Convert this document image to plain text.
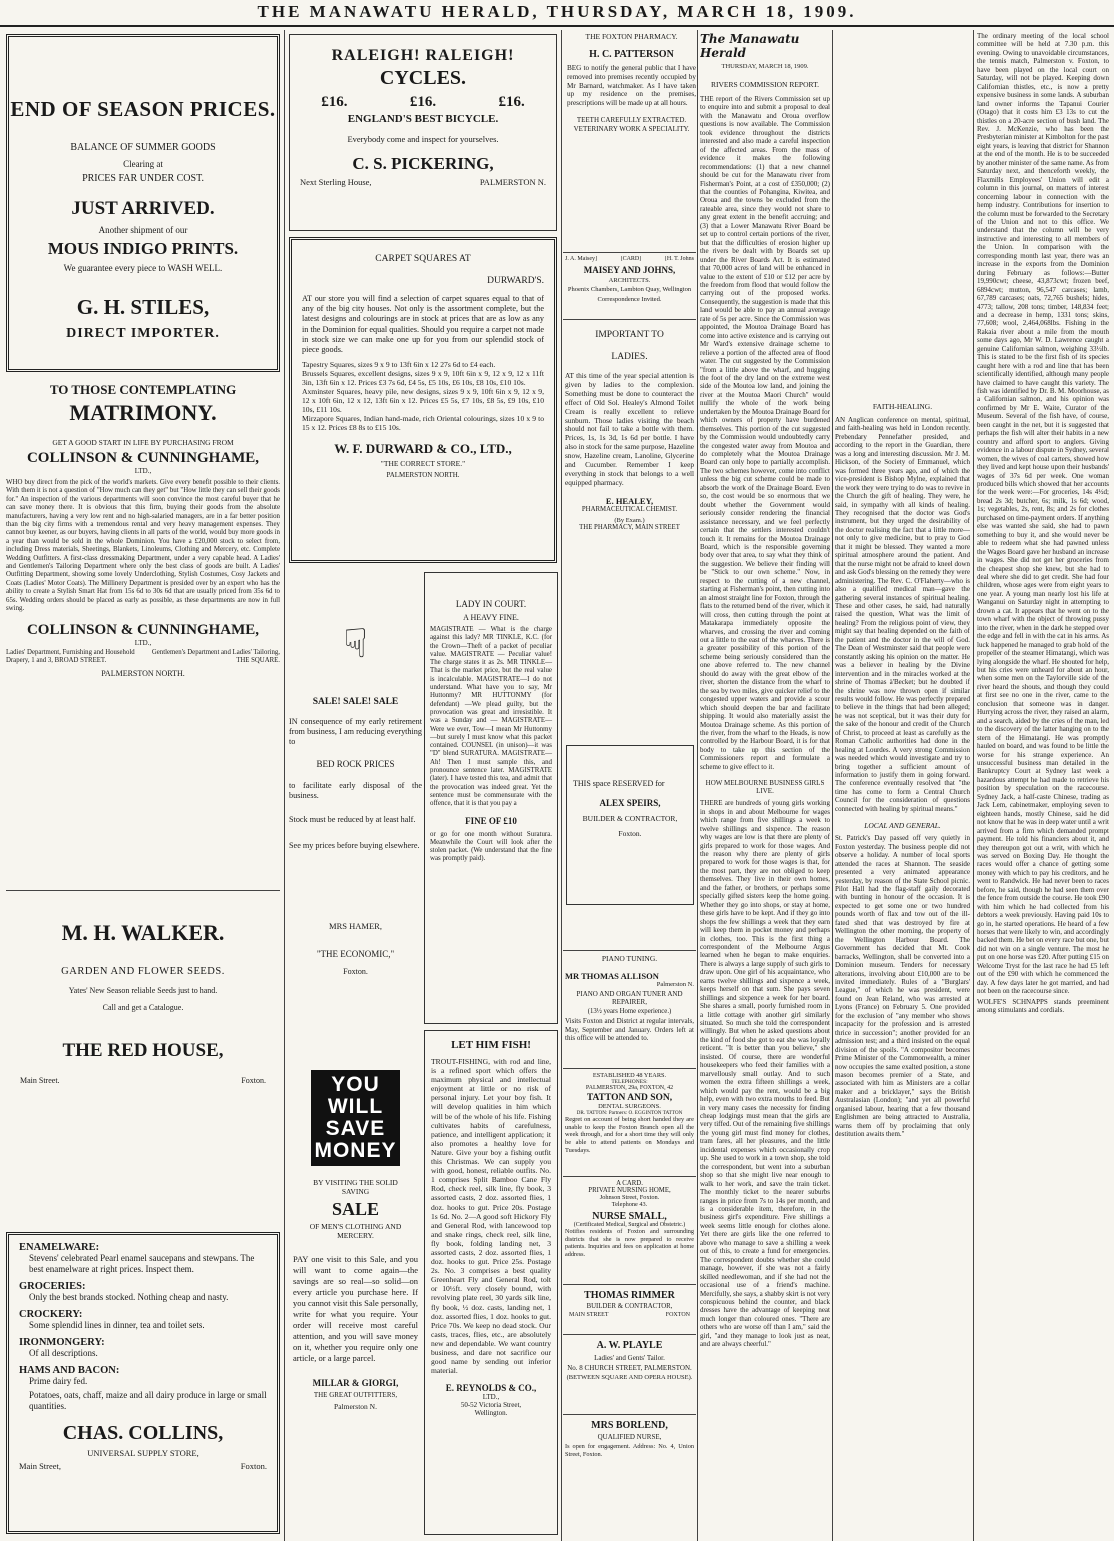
THE MANAWATU HERALD, THURSDAY, MARCH 18, 1909.
END OF SEASON PRICES.
BALANCE OF SUMMER GOODS
Clearing at
PRICES FAR UNDER COST.
JUST ARRIVED.
Another shipment of our
MOUS INDIGO PRINTS.
We guarantee every piece to WASH WELL.
G. H. STILES,
DIRECT IMPORTER.
TO THOSE CONTEMPLATING
MATRIMONY.
GET A GOOD START IN LIFE BY PURCHASING FROM
COLLINSON & CUNNINGHAME,
LTD.,

WHO buy direct from the pick of the world's markets. Give every benefit possible to their clients. With them it is not a question of "How much can they get" but "How little they can sell their goods for." An inspection of the various departments will soon convince the most careful buyer that he can save money there. It is obvious that this firm, buying their goods from the absolute manufacturers, having a very low rent and no high-salaried managers, are in a far better position than the big city firms with a tremendous rental and very heavy management expenses. They cannot buy keener, as our buyers, having clients in all parts of the world, would buy more goods in a year than would be sold in the whole Dominion. You have a £20,000 stock to select from, including Dress materials, Sheetings, Blankets, Linoleums, Clothing and Mercery, etc. Complete Wedding Outfitters. A first-class dressmaking Department, under a very capable head. A Ladies' and Gentlemen's Tailoring Department where only the best class of goods are built. A Ladies' Outfitting Department, showing some lovely Underclothing, Stylish Costumes, Cosy Jackets and Coats (Ladies' Motor Coats). The Millinery Department is presided over by an expert who has the ability to create a Stylish Smart Hat from 15s 6d to 30s 6d that are usually priced from 35s 6d to 65s. Wedding orders should be placed as early as possible, as these departments are now in full swing.

COLLINSON & CUNNINGHAME,
LTD.,
Ladies' Department, Furnishing and Household Drapery, 1 and 3, BROAD STREET.
Gentlemen's Department and Ladies' Tailoring, THE SQUARE.
PALMERSTON NORTH.
M. H. WALKER.
GARDEN AND FLOWER SEEDS.
Yates' New Season reliable Seeds just to hand.
Call and get a Catalogue.
THE RED HOUSE,
Main Street.	Foxton.
ENAMELWARE:

Stevens' celebrated Pearl enamel saucepans and stewpans. The best enamelware at right prices. Inspect them.

GROCERIES:

Only the best brands stocked. Nothing cheap and nasty.

CROCKERY:

Some splendid lines in dinner, tea and toilet sets.

IRONMONGERY:

Of all descriptions.

HAMS AND BACON:

Prime dairy fed.

Potatoes, oats, chaff, maize and all dairy produce in large or small quantities.

CHAS. COLLINS,
UNIVERSAL SUPPLY STORE,
Main Street,	Foxton.
RALEIGH! RALEIGH!
CYCLES.
£16.	£16.	£16.
ENGLAND'S BEST BICYCLE.
Everybody come and inspect for yourselves.
C. S. PICKERING,
Next Sterling House,	PALMERSTON N.
CARPET SQUARES AT
DURWARD'S.

AT our store you will find a selection of carpet squares equal to that of any of the big city houses. Not only is the assortment complete, but the latest designs and colourings are in stock at prices that are as low as any in the Dominion for equal qualities. Should you require a carpet not made in stock size we can make one up for you from our splendid stock of piece goods.

Tapestry Squares, sizes 9 x 9 to 13ft 6in x 12 27s 6d to £4 each.

Brussels Squares, excellent designs, sizes 9 x 9, 10ft 6in x 9, 12 x 9, 12 x 11ft 3in, 13ft 6in x 12. Prices £3 7s 6d, £4 5s, £5 10s, £6 10s, £8 10s, £10 10s.

Axminster Squares, heavy pile, new designs, sizes 9 x 9, 10ft 6in x 9, 12 x 9, 12 x 10ft 6in, 12 x 12, 13ft 6in x 12. Prices £5 5s, £7 10s, £8 5s, £9 10s, £10 10s, £11 10s.

Mirzapore Squares, Indian hand-made, rich Oriental colourings, sizes 10 x 9 to 15 x 12. Prices £8 8s to £15 10s.

W. F. DURWARD & CO., LTD.,
"THE CORRECT STORE."
PALMERSTON NORTH.
☟
SALE! SALE! SALE

IN consequence of my early retirement from business, I am reducing everything to

BED ROCK PRICES

to facilitate early disposal of the business.

Stock must be reduced by at least half.

See my prices before buying elsewhere.

MRS HAMER,
"THE ECONOMIC,"
Foxton.
YOU WILL SAVE MONEY
BY VISITING THE SOLID SAVING
SALE
OF MEN'S CLOTHING AND MERCERY.

PAY one visit to this Sale, and you will want to come again—the savings are so real—so solid—on every article you purchase here. If you cannot visit this Sale personally, write for what you require. Your order will receive most careful attention, and you will save money on it, whether you require only one article, or a large parcel.

MILLAR & GIORGI,
THE GREAT OUTFITTERS,
Palmerston N.
LADY IN COURT.
A HEAVY FINE.

MAGISTRATE — What is the charge against this lady? MR TINKLE, K.C. (for the Crown—Theft of a packet of peculiar value. MAGISTRATE — Peculiar value! The charge states it as 2s. MR TINKLE—That is the market price, but the real value is incalculable. MAGISTRATE—I do not understand. What have you to say, Mr Huttonmy? MR HUTTONMY (for defendant) —We plead guilty, but the provocation was great and irresistible. It was a Sunday and — MAGISTRATE—Were we ever, Tow—I mean Mr Huttonmy—but surely I must know what this packet contained. COUNSEL (in unison)—it was "D" blend SURATURA. MAGISTRATE—Ah! Then I must sample this, and pronounce sentence later. MAGISTRATE (later). I have tested this tea, and admit that the provocation was indeed great. Yet the sentence must be commensurate with the offence, that it is that you pay a

FINE OF £10

or go for one month without Suratura. Meanwhile the Court will look after the stolen packet. (We understand that the fine was promptly paid).

LET HIM FISH!

TROUT-FISHING, with rod and line, is a refined sport which offers the maximum physical and intellectual enjoyment at little or no risk of personal injury. Let your boy fish. It will develop qualities in him which will be of the whole of his life. Fishing cultivates habits of carefulness, patience, and intelligent application; it also promotes a healthy love for Nature. Give your boy a fishing outfit this Christmas. We can supply you with good, honest, reliable outfits. No. 1 comprises Split Bamboo Cane Fly Rod, check reel, silk line, fly book, 3 assorted casts, 2 doz. assorted flies, 1 doz. hooks to gut. Price 20s. Postage 1s 6d. No. 2—A good soft Hickory Fly and General Rod, with lancewood top and snake rings, check reel, silk line, fly book, folding landing net, 3 assorted casts, 2 doz. assorted flies, 1 doz. hooks to gut. Price 25s. Postage 2s. No. 3 comprises a best quality Greenheart Fly and General Rod, tolt or 10½ft. very closely bound, with revolving plate reel, 30 yards silk line, fly book, ½ doz. casts, landing net, 1 doz. assorted flies, 1 doz. hooks to gut. Price 70s. We keep no dead stock. Our casts, traces, flies, etc., are absolutely new and dependable. We want country business, and dare not sacrifice our good name by sending out inferior material.

E. REYNOLDS & CO.,
LTD.,
50-52 Victoria Street,
Wellington.
THE FOXTON PHARMACY.
H. C. PATTERSON

BEG to notify the general public that I have removed into premises recently occupied by Mr Barnard, watchmaker. As I have taken up my residence on the premises, prescriptions will be made up at all hours.

TEETH CAREFULLY EXTRACTED. VETERINARY WORK A SPECIALITY.

J. A. Maisey]	[CARD]	[H. T. Johns
MAISEY AND JOHNS,
ARCHITECTS.
Phoenix Chambers, Lambton Quay, Wellington
Correspondence Invited.
IMPORTANT TO
LADIES.

AT this time of the year special attention is given by ladies to the complexion. Something must be done to counteract the effect of Old Sol. Healey's Almond Toilet Cream is really excellent to relieve sunburn. Those ladies visiting the beach should not fail to take a bottle with them. Prices, 1s, 1s 3d, 1s 6d per bottle. I have also in stock for the same purpose, Hazeline snow, Hazeline cream, Lanoline, Glycerine and Cucumber. Remember I keep everything in stock that belongs to a well equipped pharmacy.

E. HEALEY,
PHARMACEUTICAL CHEMIST.
(By Exam.)
THE PHARMACY, MAIN STREET
THIS space RESERVED for
ALEX SPEIRS,
BUILDER & CONTRACTOR,
Foxton.
PIANO TUNING.
MR THOMAS ALLISON
Palmerston N.
PIANO AND ORGAN TUNER AND REPAIRER,
(13½ years Home experience.)

Visits Foxton and District at regular intervals, May, September and January. Orders left at this office will be attended to.

ESTABLISHED 48 YEARS.
TELEPHONES:
PALMERSTON, 29a, FOXTON, 42
TATTON AND SON,
DENTAL SURGEONS.
DR. TATTON: Partners: O. EGGINTON TATTON

Regret on account of being short handed they are unable to keep the Foxton Branch open all the week through, and for a short time they will only be able to attend patients on Mondays and Tuesdays.

A CARD.
PRIVATE NURSING HOME,
Johnson Street, Foxton.
Telephone 43.
NURSE SMALL,
(Certificated Medical, Surgical and Obstetric.)

Notifies residents of Foxton and surrounding districts that she is now prepared to receive patients. Inquiries and fees on application at home address.

THOMAS RIMMER
BUILDER & CONTRACTOR,
MAIN STREET	FOXTON
A. W. PLAYLE
Ladies' and Gents' Tailor.
No. 8 CHURCH STREET, PALMERSTON.
(BETWEEN SQUARE AND OPERA HOUSE).
MRS BORLEND,
QUALIFIED NURSE,

Is open for engagement. Address: No. 4, Union Street, Foxton.

The Manawatu Herald
THURSDAY, MARCH 18, 1909.
RIVERS COMMISSION REPORT.

THE report of the Rivers Commission set up to enquire into and submit a proposal to deal with the Manawatu and Oroua overflow questions is now available. The Commission took evidence throughout the districts interested and also made a careful inspection of the affected areas. From the mass of evidence it makes the following recommendations: (1) that a new channel should be cut for the Manawatu river from Fisherman's Point, at a cost of £350,000; (2) that the counties of Pohangina, Kiwitea, and Oroua and the towns be excluded from the rateable area, since they would not share to any great extent in the benefit accruing; and (3) that a Lower Manawatu River Board be set up to control certain portions of the river, but that the difficulties of erosion higher up the rivers be dealt with by Boards set up under the River Boards Act. It is estimated that 70,000 acres of land will be enhanced in value to the extent of £10 or £12 per acre by the freedom from flood that would follow the carrying out of the proposed works. Consequently, the suggestion is made that this land would be able to pay an annual average rate of 5s per acre. Since the Commission was appointed, the Moutoa Drainage Board has come into active existence and is carrying out Mr Ward's extensive drainage scheme to relieve a portion of the affected area of flood water. The cut suggested by the Commission "from a little above the wharf, and hugging the foot of the dry land on the extreme west side of the Moutoa low land, and joining the river at the Moutoa Maori Church" would nullify the whole of the work being undertaken by the Moutoa Drainage Board for which owners of property have burdened themselves. This portion of the cut suggested by the Commission would undoubtedly carry the congested water away from Moutoa and do completely what the Moutoa Drainage Board can only hope to partially accomplish. The two schemes however, come into conflict unless the big cut scheme could be made to absorb the work of the Drainage Board. Even so, the cost would be so enormous that we doubt whether the Government would seriously consider rendering the financial assistance necessary, and we feel perfectly certain that the settlers interested couldn't touch it. It remains for the Moutoa Drainage Board, which is the responsible governing body over that area, to say what they think of the suggestion. We believe their finding will be "Stick to our own scheme." Now, in respect to the cutting of a new channel, starting at Fisherman's point, then cutting into an almost straight line for Foxton, through the flats to the returned bend of the river, which it will cross, then cutting through the point at Matakarapa immediately opposite the wharves, and crossing the river and coming out a little to the east of the wharves. There is a greater possibility of this portion of the scheme being seriously considered than the one above referred to. The new channel should do away with the great elbow of the river, shorten the distance from the wharf to the sea by two miles, give quicker relief to the congested upper waters and provide a scour which should deepen the bar and facilitate shipping. It would also materially assist the Moutoa Drainage scheme. As this portion of the river, from the wharf to the Heads, is now controlled by the Harbour Board, it is for that body to take up this section of the Commissioners report and formulate a scheme to give effect to it.

HOW MELBOURNE BUSINESS GIRLS LIVE.

THERE are hundreds of young girls working in shops in and about Melbourne for wages which range from five shillings a week to twelve shillings and sixpence. The reason why wages are low is that there are plenty of girls prepared to work for those wages. And the reason why there are plenty of girls prepared to work for those wages is that, for the most part, they are not obliged to keep themselves. They live in their own homes, and the father, or brothers, or perhaps some specially gifted sisters keep the home going. Whether they go into shops, or stay at home, these girls have to be kept. And if they go into shops the few shillings a week that they earn will keep them in pocket money and perhaps in clothes, too. This is the first thing a correspondent of the Melbourne Argus learned when he began to make enquiries. There is always a large supply of such girls to draw upon. One girl of his acquaintance, who earns twelve shillings and sixpence a week, keeps herself on that sum. She pays seven shillings and sixpence a week for her board. She shares a small, poorly furnished room in a little cottage with another girl similarly situated. So much she told the correspondent willingly. But when he asked questions about the kind of food she got to eat she was loyally reticent. "It is better than you believe," she insisted. Of course, there are wonderful housekeepers who feed their families with a marvellously small outlay. And to such women the extra fifteen shillings a week, which would pay the rent, would be a big help, even with two extra mouths to feed. But in very many cases the necessity for finding cheap lodgings must mean that the girls are very tiffed. Out of the remaining five shillings the young girl must find money for clothes, tram fares, all her pleasures, and the little incidental expenses which occasionally crop up. She used to work in a town shop, she told the correspondent, but went into a suburban shop so that she might live near enough to walk to her work, and save the train ticket. The monthly ticket to the nearer suburbs ranges in price from 7s to 14s per month, and is a considerable item, therefore, in the business girl's expenditure. Five shillings a week seems little enough for clothes alone. Yet there are girls like the one referred to above who manage to save a shilling a week out of this, to create a fund for emergencies. The correspondent doubts whether she could manage, however, if she was not a fairly skilled needlewoman, and if she had not the occasional use of a friend's machine. Mercifully, she says, a shabby skirt is not very conspicuous behind the counter, and black dresses have the advantage of keeping neat much longer than coloured ones. "There are others who are worse off than I am," said the girl, "and they manage to look just as neat, and are always cheerful."

FAITH-HEALING.

AN Anglican conference on mental, spiritual, and faith-healing was held in London recently. Prebendary Pennefather presided, and according to the report in the Guardian, there was a long and interesting discussion. Mr J. M. Hickson, of the Society of Emmanuel, which was formed three years ago, and of which the vice-president is Bishop Mylne, explained that the work they were trying to do was to revive in the Church the gift of healing. They were, he said, in sympathy with all kinds of healing. They recognised that the doctor was God's instrument, but they urged the desirability of the doctor realising the fact that a little more—not only to give medicine, but to pray to God that it might be blessed. They wanted a more spiritual atmosphere around the patient. And that the nurse might not be afraid to kneel down and ask God's blessing on the remedy they were administering. The Rev. C. O'Flaherty—who is also a qualified medical man—gave the gathering several instances of spiritual healing. These and other cases, he said, had naturally raised the question, What was the limit of healing? From the religious point of view, they might say that healing depended on the faith of the patient and the doctor in the will of God. The Dean of Westminster said that people were constantly asking his opinion on the matter. He was a believer in healing by the Divine intervention and in the miracles worked at the shrine of Thomas à'Becket; but he doubted if the shrine was now thrown open if similar results would follow. He was perfectly prepared to believe in the things that had been alleged; he was not sceptical, but it was their duty for the sake of the honour and credit of the Church of Christ, to proceed at least as carefully as the Roman Catholic authorities had done in the healing at Lourdes. A very strong Commission was needed which would investigate and try to bring together a sufficient amount of information to justify them in going forward. The conference eventually resolved that "the time has come to form a Central Church Council for the consideration of questions connected with healing by spiritual means."

LOCAL AND GENERAL.

St. Patrick's Day passed off very quietly in Foxton yesterday. The business people did not observe a holiday. A number of local sports attended the races at Shannon. The seaside presented a very animated appearance yesterday, by reason of the State School picnic. Pilot Hall had the flag-staff gaily decorated with bunting in honour of the occasion. It is expected to get some one or two hundred pounds worth of flax and tow out of the ill-fated shed that was destroyed by fire at Wellington the other morning, the property of the Wellington Harbour Board. The Government has decided that Mt. Cook barracks, Wellington, shall be converted into a Dominion museum. Tenders for necessary alterations, involving about £10,000 are to be invited immediately. Rules of a "Burglars' League," of which he was president, were found on Jean Reland, who was arrested at Lyons (France) on February 5. One provided for the exclusion of "any member who shows incapacity for the profession and is arrested thrice in succession"; another provided for an admission test; and a third insisted on the equal division of the spoils. "A compositor becomes Prime Minister of the Commonwealth, a miner now occupies the same exalted position, a stone mason becomes premier of a State, and associated with him as Ministers are a collar maker and a bricklayer," says the British Australasian (London); "and yet all powerful organised labour, hearing that a few thousand Englishmen are being attracted to Australia, warns them off by proclaiming that only destitution awaits them."

The ordinary meeting of the local school committee will be held at 7.30 p.m. this evening. Owing to unavoidable circumstances, the tennis match, Palmerston v. Foxton, to have been played on the local court on Saturday, will not be played. Keeping down Californian thistles, etc., is now a pretty expensive business in some lands. A suburban land owner informs the Tapanui Courier (Otago) that it costs him £3 13s to cut the thistles on a 20-acre section of bush land. The Rev. J. McKenzie, who has been the Presbyterian minister at Kimbolton for the past eight years, is leaving that district for Shannon at the end of the month. He is to be succeeded by another minister of the same name. As from Saturday next, and thenceforth weekly, the Flaxmills Employees' Union will edit a column in this journal, on matters of interest concerning labour in connection with the hemp industry. Contributions for insertion to the column must be forwarded to the Secretary of the Union and not to this office. We understand that the column will be very instructive and interesting to all members of the Union. In comparison with the corresponding month last year, there was an increase in the exports from the Dominion during February as follows:—Butter 19,990cwt; cheese, 43,873cwt; frozen beef, 6894cwt; mutton, 96,547 carcases; lamb, 67,789 carcases; oats, 72,765 bushels; hides, 4773; tallow, 208 tons; timber, 148,834 feet; and a decrease in hemp, 1331 tons; skins, 77,608; wool, 2,464,068lbs. Fishing in the Rakaia river about a mile from the mouth some days ago, Mr W. D. Lawrence caught a genuine Californian salmon, weighing 33½lb. This is stated to be the first fish of its species caught here with a rod and line that has been scientifically identified, although many people have claimed to have caught this variety. The fish was identified by Dr. B. M. Moorhouse, as a Californian salmon, and his opinion was confirmed by Mr E. Waite, Curator of the Museum. Several of the fish have, of course, been caught in the net, but it is suggested that perhaps the fish will alter their habits in a new country and afford sport to anglers. Giving evidence in a labour dispute in Sydney, several women, the wives of coal carters, showed how they lived and kept house upon their husbands' wages of 37s 6d per week. One woman produced bills which showed that her accounts for the week were:—For groceries, 14s 4½d; bread 2s 3d; butcher, 6s; milk, 1s 6d; wood, 1s; vegetables, 2s, rent, 8s; and 2s for clothes purchased on time-payment orders. If anything else was wanted she said, she had to pawn something to buy it, and she would never be able to redeem what she had pawned unless the Wages Board gave her husband an increase in wages. She did not get her groceries from the cheapest shop she knew, but she had to deal where she did to get credit. She had four children, whose ages were from eight years to one year. A young man nearly lost his life at Wanganui on Saturday night in attempting to drown a cat. It appears that he went on to the town wharf with the object of throwing pussy into the river, when in the dark he stepped over the edge and fell in with the cat in his arms. As luck happened he managed to grab hold of the propeller of the steamer Himatangi, which was lying alongside the wharf. He shouted for help, but his cries were unheard for about an hour, when some men on the Taylorville side of the river heard the shouts, and though they could at first see no one in the river, came to the conclusion that someone was in danger. Hurrying across the river, they raised an alarm, and a search, aided by the cries of the man, led to the discovery of the latter hanging on to the stern of the Himatangi. He was promptly hauled on board, and was found to be little the worse for his strange experience. An unsuccessful business man detailed in the Bankruptcy Court at Sydney last week a hazardous attempt he had made to retrieve his position by speculation on the racecourse. Sydney Jack, a half-caste Chinese, trading as Jack Lem, cabinetmaker, employing seven to eighteen hands, mostly Chinese, said he did not know that he was in deep water until a writ arrived from a firm which demanded prompt payment. He told his financiers about it, and they thereupon got out a writ, with which he was served on Boxing Day. He thought the races would offer a chance of getting some money with which to pay his creditors, and he went to Randwick. He had never been to races before, he said, though he had seen them over the fence from outside the course. He took £90 with him which he had collected from his debtors a week previously. Having paid 10s to go in, he started operations. He heard of a few horses that were likely to win, and accordingly backed them. He bet on every race but one, but did not win on a single venture. The most he put on one horse was £20. After putting £15 on Welcome Tryst for the last race he had £5 left out of the £90 with which he commenced the day. A few days later he got married, and had not been on the racecourse since.

WOLFE'S SCHNAPPS stands preeminent among stimulants and cordials.
